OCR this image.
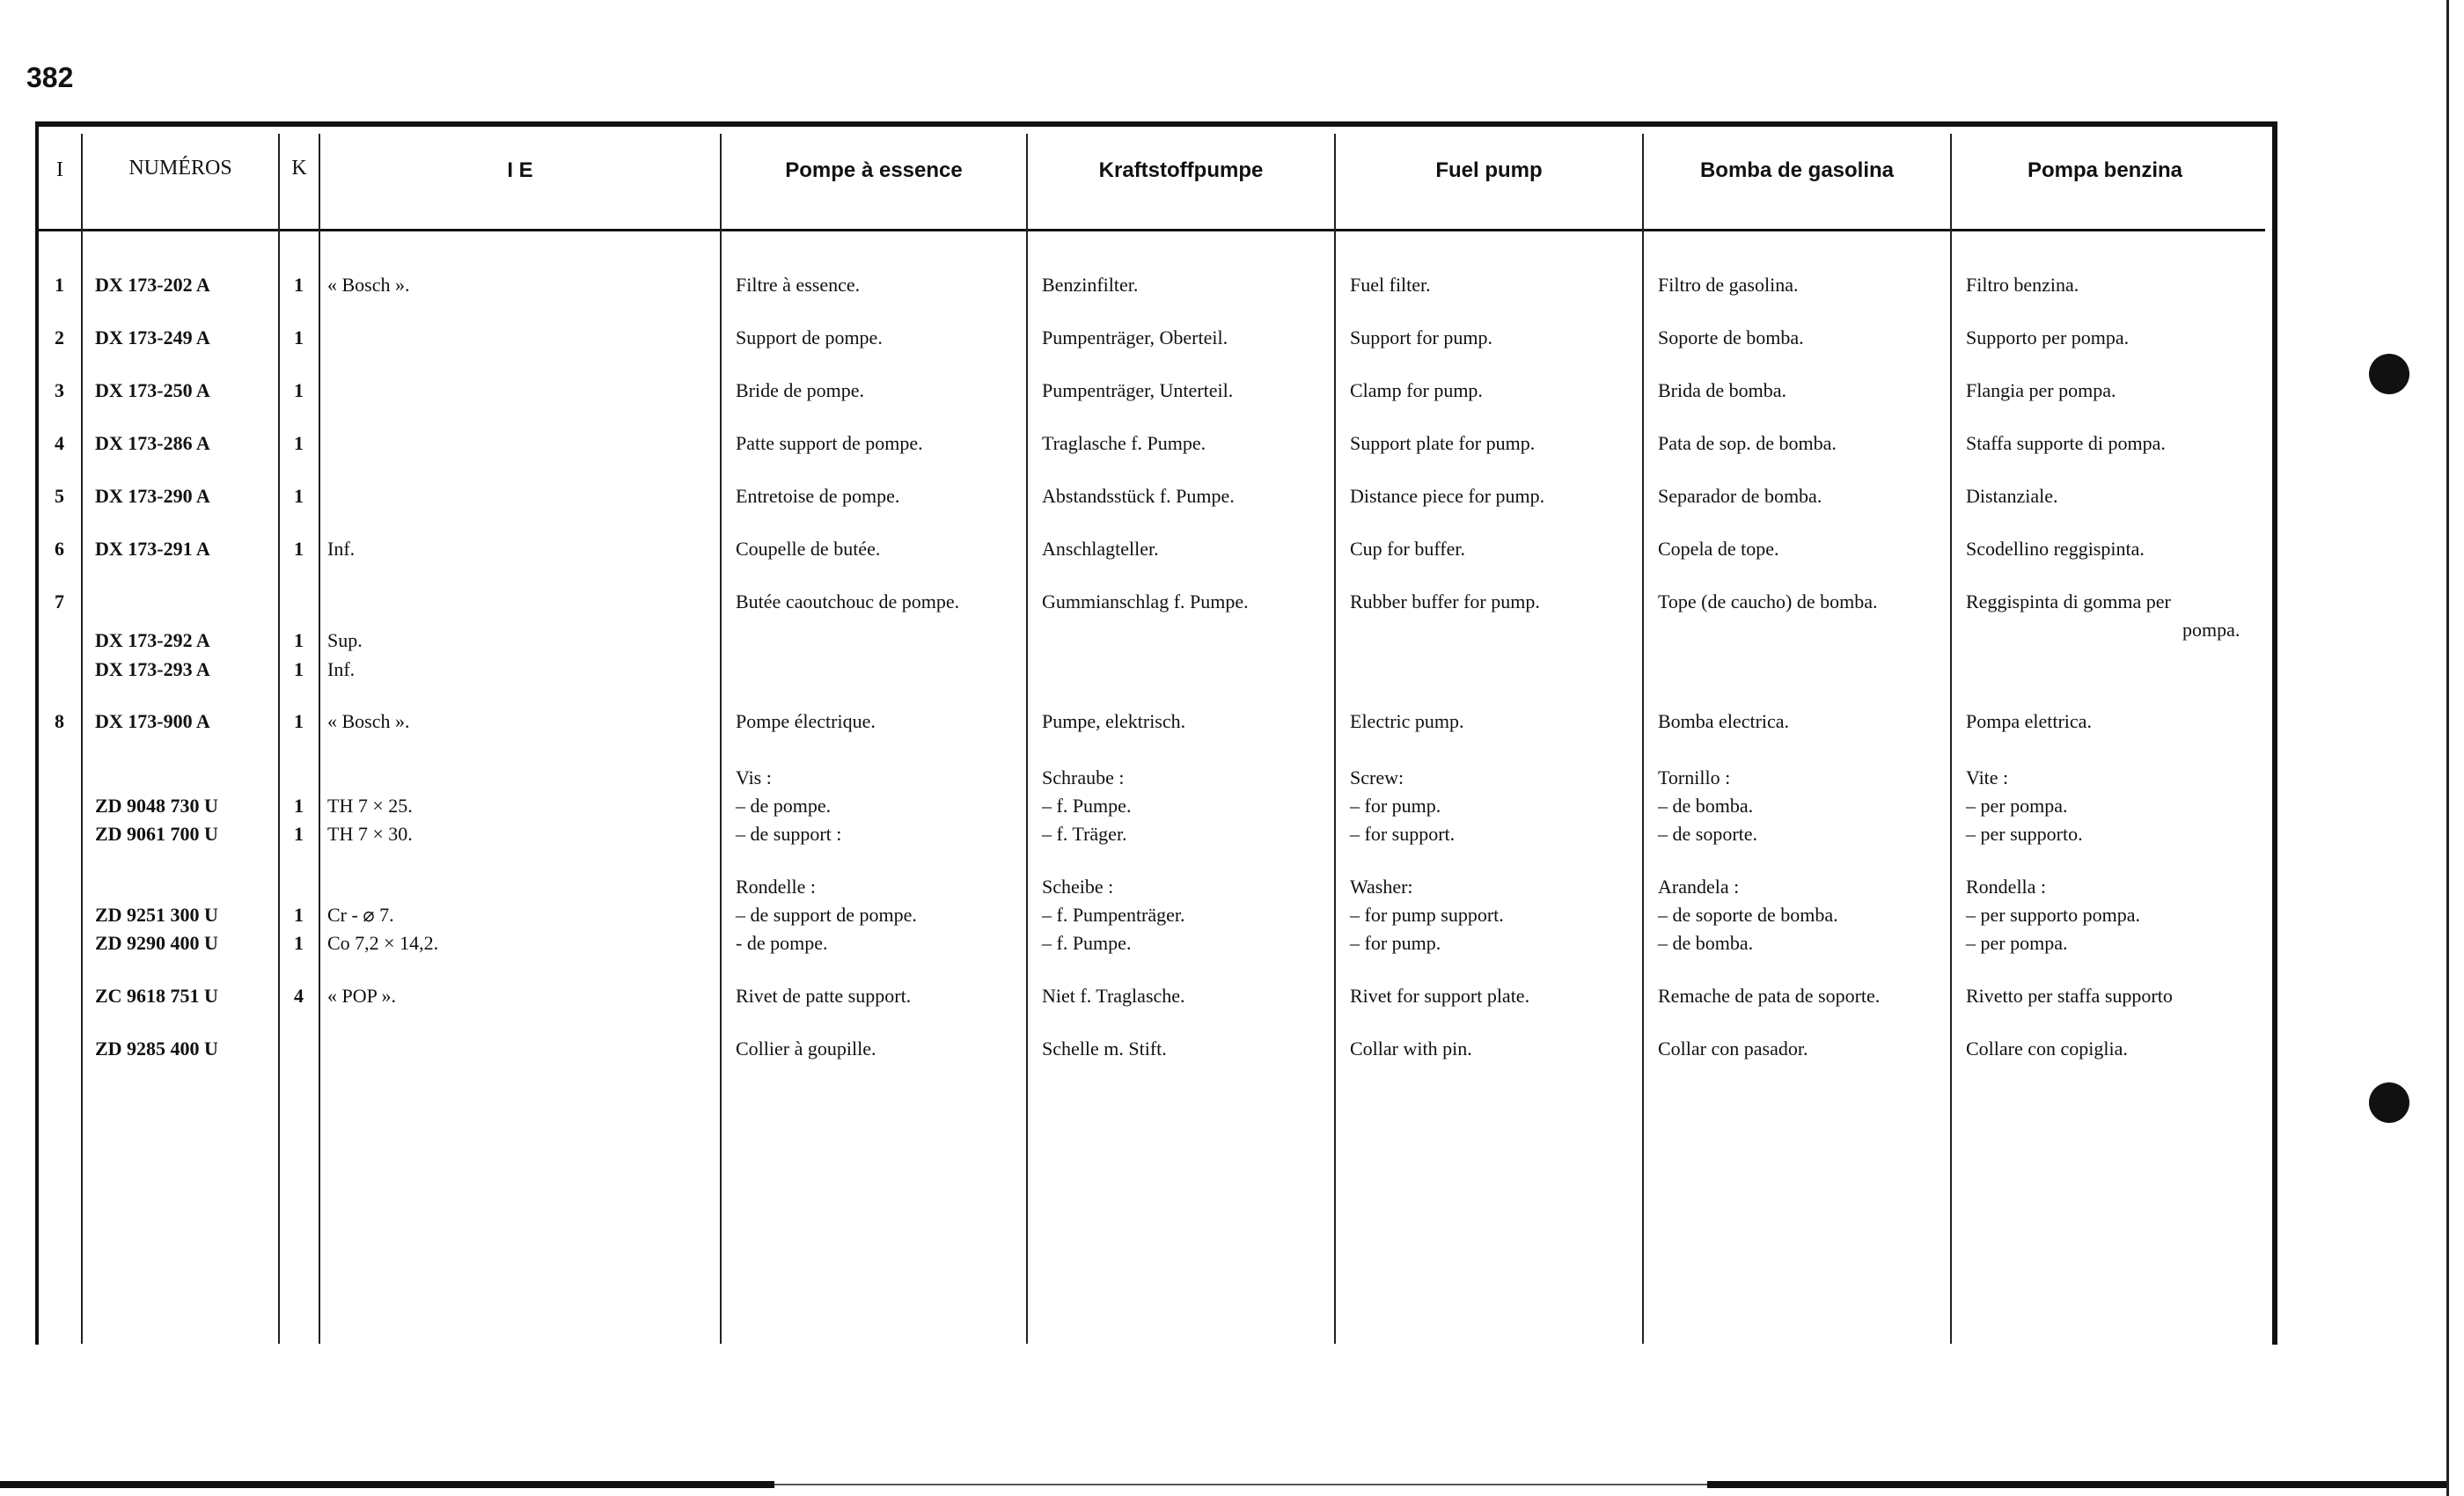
382
I	NUMÉROS	K	I E	Pompe à essence	Kraftstoffpumpe	Fuel pump	Bomba de gasolina	Pompa benzina
1 DX 173-202 A	1 « Bosch ».	Filtre à essence.	Benzinfilter.	Fuel filter.	Filtro de gasolina.	Filtro benzina.
2 DX 173-249 A	1	Support de pompe.	Pumpenträger, Oberteil.	Support for pump.	Soporte de bomba.	Supporto per pompa.
3 DX 173-250 A	1	Bride de pompe.	Pumpenträger, Unterteil.	Clamp for pump.	Brida de bomba.	Flangia per pompa.
4 DX 173-286 A	1	Patte support de pompe.	Traglasche f. Pumpe.	Support plate for pump.	Pata de sop. de bomba.	Staffa supporte di pompa.
5 DX 173-290 A	1	Entretoise de pompe.	Abstandsstück f. Pumpe.	Distance piece for pump.	Separador de bomba.	Distanziale.
6 DX 173-291 A	1 Inf.	Coupelle de butée.	Anschlagteller.	Cup for buffer.	Copela de tope.	Scodellino reggispinta.
7	Butée caoutchouc de pompe.	Gummianschlag f. Pumpe.	Rubber buffer for pump.	Tope (de caucho) de bomba.	Reggispinta di gomma per
pompa.
DX 173-292 A	1 Sup.
DX 173-293 A	1 Inf.
8 DX 173-900 A	1 « Bosch ».	Pompe électrique.	Pumpe, elektrisch.	Electric pump.	Bomba electrica.	Pompa elettrica.
Vis :	Schraube :	Screw:	Tornillo :	Vite :
ZD 9048 730 U	1 TH 7 × 25.	– de pompe.	– f. Pumpe.	– for pump.	– de bomba.	– per pompa.
ZD 9061 700 U	1 TH 7 × 30.	– de support :	– f. Träger.	– for support.	– de soporte.	– per supporto.
Rondelle :	Scheibe :	Washer:	Arandela :	Rondella :
ZD 9251 300 U	1 Cr - ⌀ 7.	– de support de pompe.	– f. Pumpenträger.	– for pump support.	– de soporte de bomba.	– per supporto pompa.
ZD 9290 400 U	1 Co 7,2 × 14,2.	- de pompe.	– f. Pumpe.	– for pump.	– de bomba.	– per pompa.
ZC 9618 751 U	4 « POP ».	Rivet de patte support.	Niet f. Traglasche.	Rivet for support plate.	Remache de pata de soporte.	Rivetto per staffa supporto
ZD 9285 400 U	Collier à goupille.	Schelle m. Stift.	Collar with pin.	Collar con pasador.	Collare con copiglia.
